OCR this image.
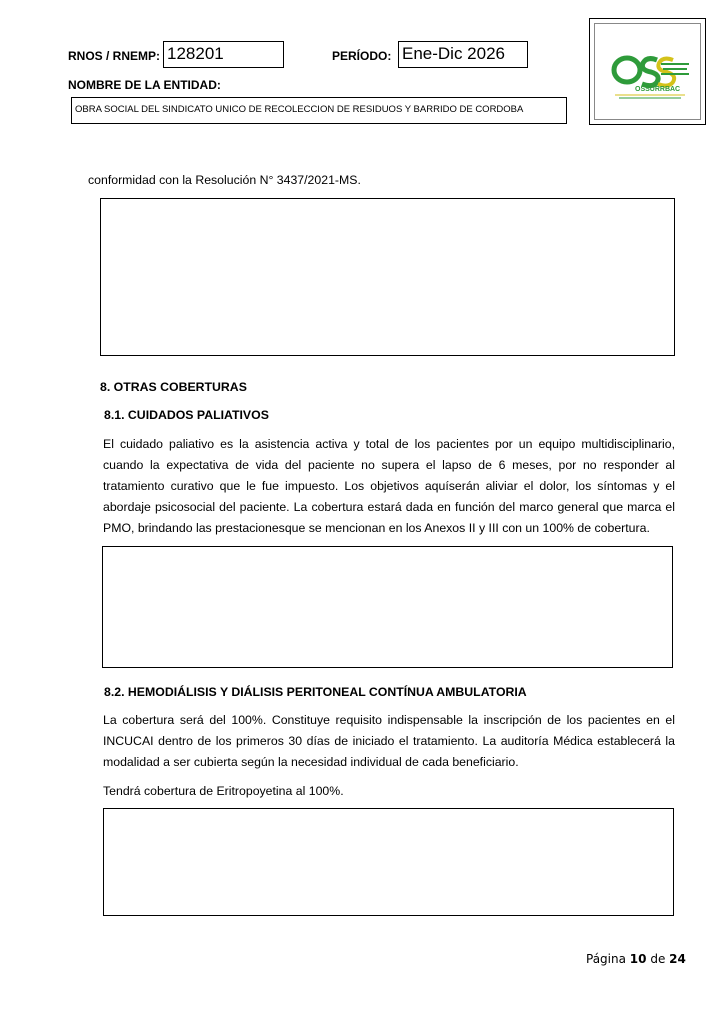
RNOS / RNEMP: 128201	PERÍODO: Ene-Dic 2026
NOMBRE DE LA ENTIDAD:
OBRA SOCIAL DEL SINDICATO UNICO DE RECOLECCION DE RESIDUOS Y BARRIDO DE CORDOBA
OSSURRBAC
conformidad con la Resolución N° 3437/2021-MS.
8. OTRAS COBERTURAS
8.1. CUIDADOS PALIATIVOS
El cuidado paliativo es la asistencia activa y total de los pacientes por un equipo multidisciplinario, cuando la expectativa de vida del paciente no supera el lapso de 6 meses, por no responder al tratamiento curativo que le fue impuesto. Los objetivos aquíserán aliviar el dolor, los síntomas y el abordaje psicosocial del paciente. La cobertura estará dada en función del marco general que marca el PMO, brindando las prestacionesque se mencionan en los Anexos II y III con un 100% de cobertura.
8.2. HEMODIÁLISIS Y DIÁLISIS PERITONEAL CONTÍNUA AMBULATORIA
La cobertura será del 100%. Constituye requisito indispensable la inscripción de los pacientes en el INCUCAI dentro de los primeros 30 días de iniciado el tratamiento. La auditoría Médica establecerá la modalidad a ser cubierta según la necesidad individual de cada beneficiario.
Tendrá cobertura de Eritropoyetina al 100%.
Página 10 de 24
